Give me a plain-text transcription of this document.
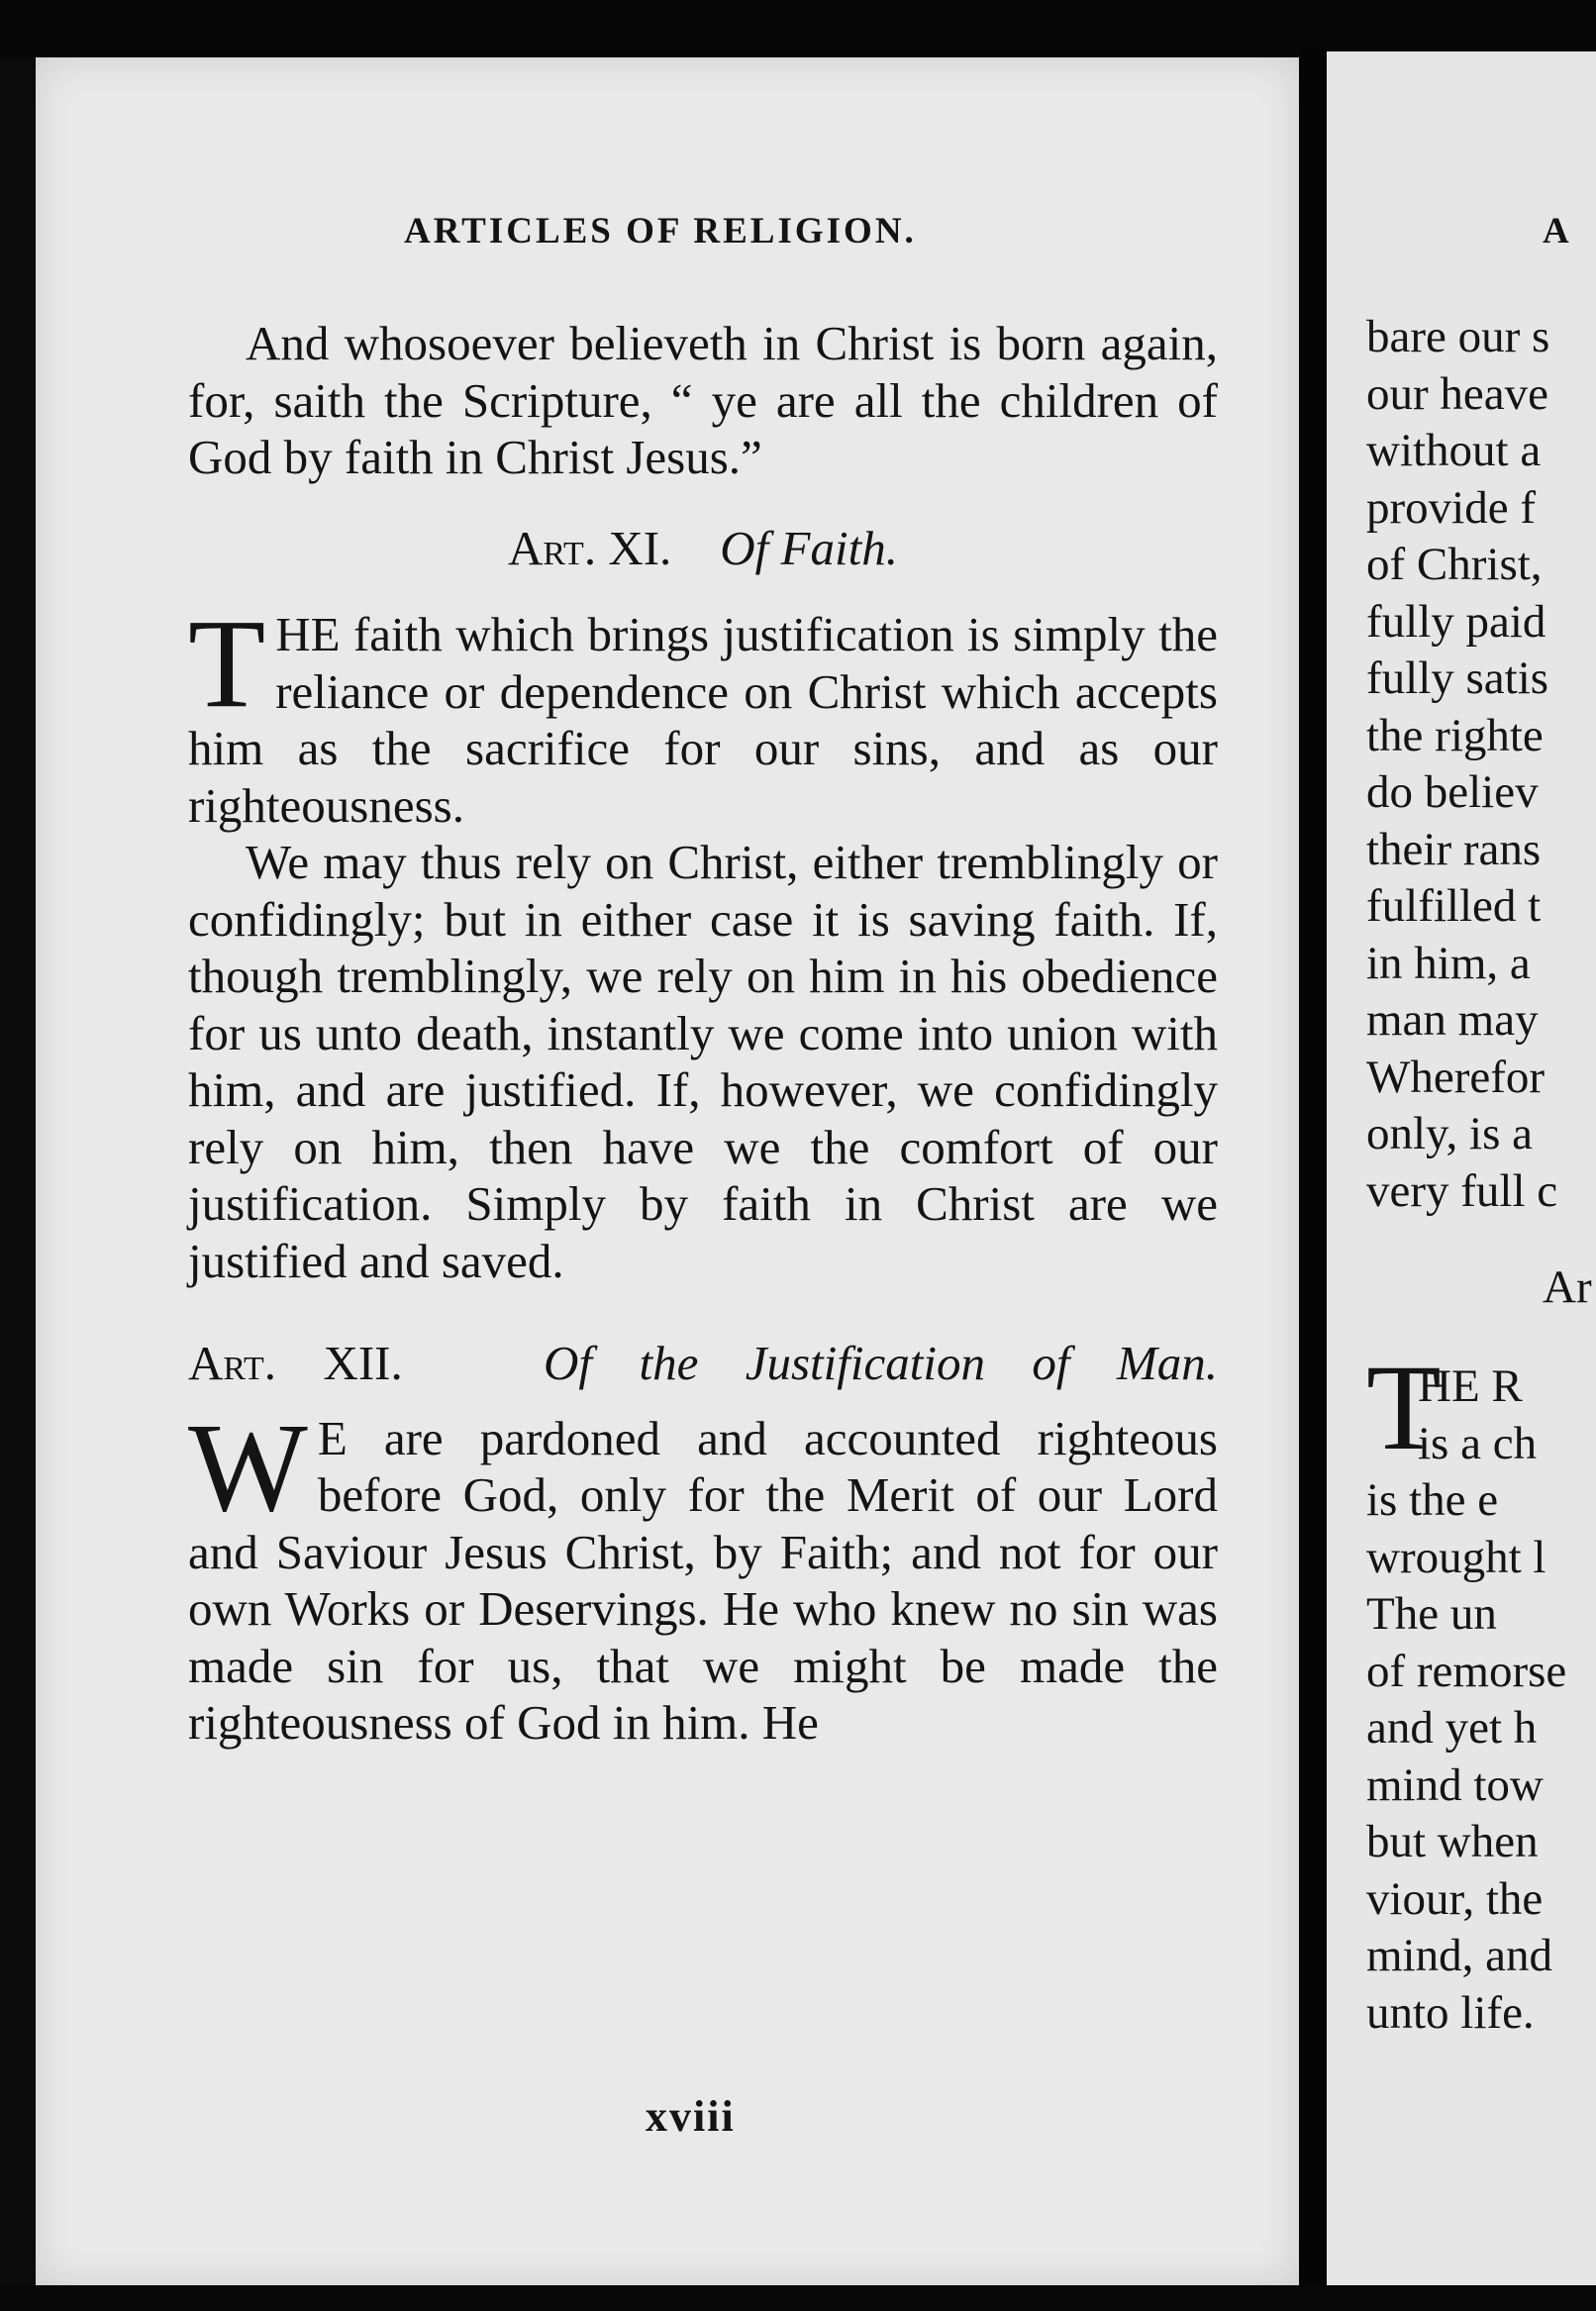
ARTICLES OF RELIGION.

And whosoever believeth in Christ is born again, for, saith the Scripture, “ ye are all the children of God by faith in Christ Jesus.”

Art. XI. Of Faith.

THE faith which brings justification is simply the reliance or dependence on Christ which accepts him as the sacrifice for our sins, and as our righteousness.

We may thus rely on Christ, either tremblingly or confidingly; but in either case it is saving faith. If, though tremblingly, we rely on him in his obedience for us unto death, instantly we come into union with him, and are justified. If, however, we confidingly rely on him, then have we the comfort of our justification. Simply by faith in Christ are we justified and saved.

Art. XII.	Of the Justification of Man.

W E are pardoned and accounted righteous before God, only for the Merit of our Lord and Saviour Jesus Christ, by Faith; and not for our own Works or Deservings. He who knew no sin was made sin for us, that we might be made the righteousness of God in him. He

xviii
A
bare our s
our heave
without a
provide f
of Christ,
fully paid
fully satis
the righte
do believ
their rans
fulfilled t
in him, a
man may
Wherefor
only, is a
very full c
Ar
T
HE R
is a ch
is the e
wrought l
The un
of remorse
and yet h
mind tow
but when
viour, the
mind, and
unto life.
